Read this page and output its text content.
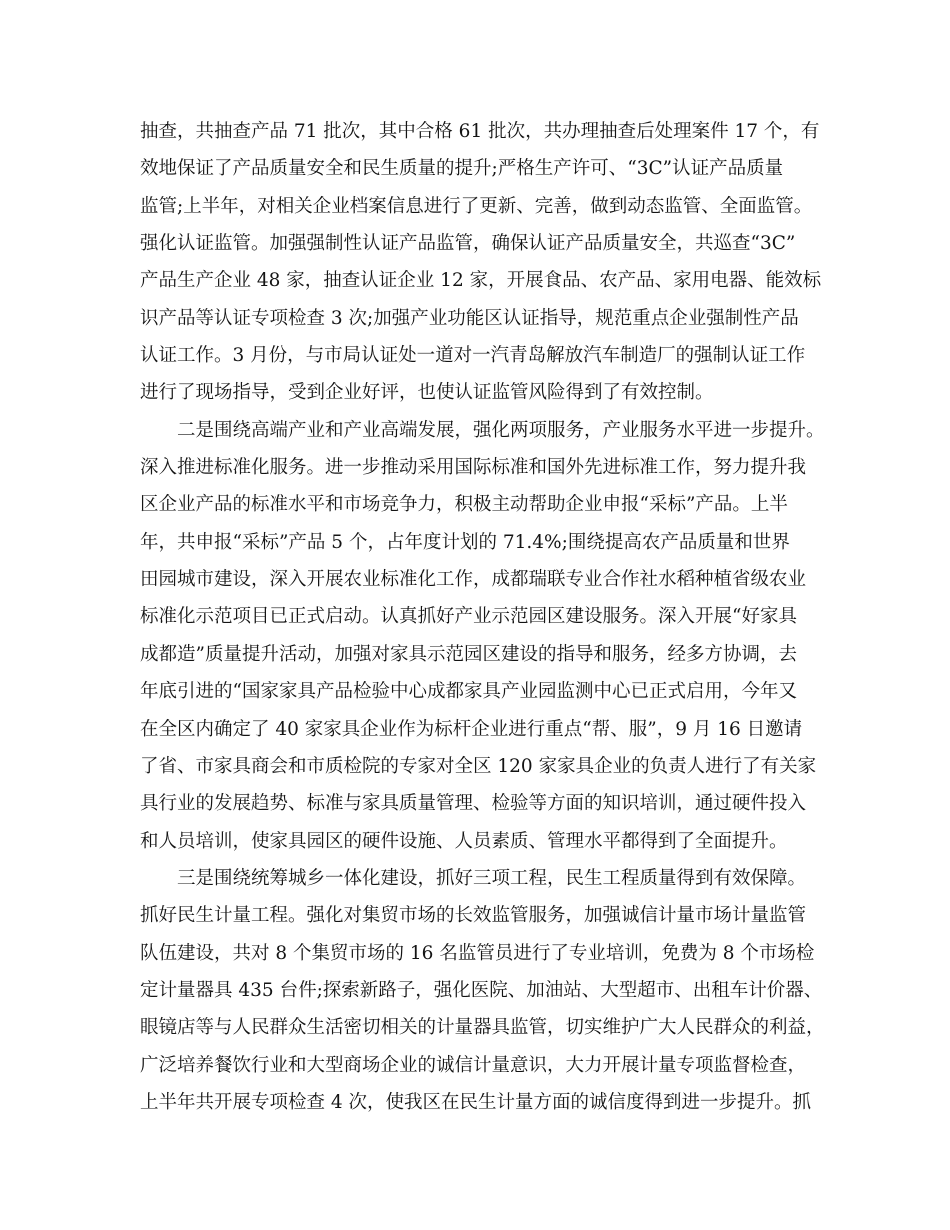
抽查，共抽查产品 71 批次，其中合格 61 批次，共办理抽查后处理案件 17 个，有
效地保证了产品质量安全和民生质量的提升;严格生产许可、“3C”认证产品质量
监管;上半年，对相关企业档案信息进行了更新、完善，做到动态监管、全面监管。
强化认证监管。加强强制性认证产品监管，确保认证产品质量安全，共巡查“3C”
产品生产企业 48 家，抽查认证企业 12 家，开展食品、农产品、家用电器、能效标
识产品等认证专项检查 3 次;加强产业功能区认证指导，规范重点企业强制性产品
认证工作。3 月份，与市局认证处一道对一汽青岛解放汽车制造厂的强制认证工作
进行了现场指导，受到企业好评，也使认证监管风险得到了有效控制。
二是围绕高端产业和产业高端发展，强化两项服务，产业服务水平进一步提升。
深入推进标准化服务。进一步推动采用国际标准和国外先进标准工作，努力提升我
区企业产品的标准水平和市场竞争力，积极主动帮助企业申报“采标”产品。上半
年，共申报“采标”产品 5 个，占年度计划的 71.4%;围绕提高农产品质量和世界
田园城市建设，深入开展农业标准化工作，成都瑞联专业合作社水稻种植省级农业
标准化示范项目已正式启动。认真抓好产业示范园区建设服务。深入开展“好家具
成都造”质量提升活动，加强对家具示范园区建设的指导和服务，经多方协调，去
年底引进的“国家家具产品检验中心成都家具产业园监测中心已正式启用，今年又
在全区内确定了 40 家家具企业作为标杆企业进行重点“帮、服”，9 月 16 日邀请
了省、市家具商会和市质检院的专家对全区 120 家家具企业的负责人进行了有关家
具行业的发展趋势、标准与家具质量管理、检验等方面的知识培训，通过硬件投入
和人员培训，使家具园区的硬件设施、人员素质、管理水平都得到了全面提升。
三是围绕统筹城乡一体化建设，抓好三项工程，民生工程质量得到有效保障。
抓好民生计量工程。强化对集贸市场的长效监管服务，加强诚信计量市场计量监管
队伍建设，共对 8 个集贸市场的 16 名监管员进行了专业培训，免费为 8 个市场检
定计量器具 435 台件;探索新路子，强化医院、加油站、大型超市、出租车计价器、
眼镜店等与人民群众生活密切相关的计量器具监管，切实维护广大人民群众的利益，
广泛培养餐饮行业和大型商场企业的诚信计量意识，大力开展计量专项监督检查，
上半年共开展专项检查 4 次，使我区在民生计量方面的诚信度得到进一步提升。抓
